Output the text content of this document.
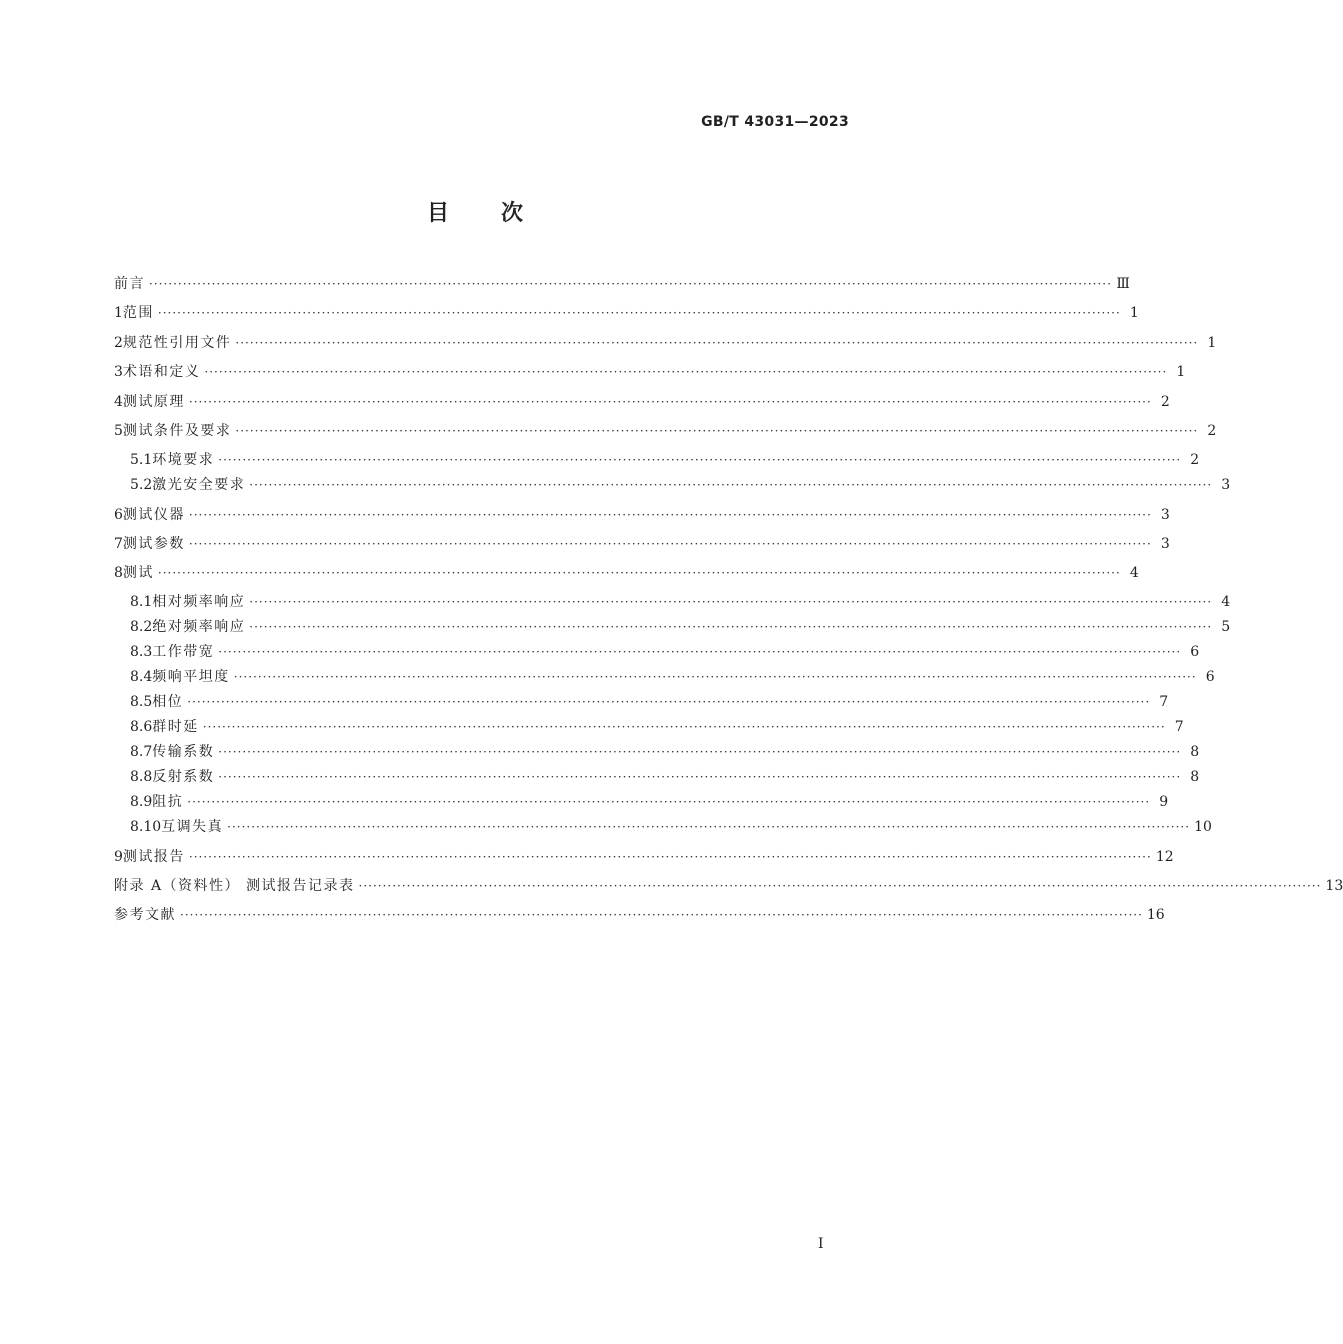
GB/T 43031—2023
目次
前言 ········································································································································································································ Ⅲ
1 范围 ········································································································································································································ 1
2 规范性引用文件 ········································································································································································································ 1
3 术语和定义 ········································································································································································································ 1
4 测试原理 ········································································································································································································ 2
5 测试条件及要求 ········································································································································································································ 2
5.1 环境要求 ········································································································································································································ 2
5.2 激光安全要求 ········································································································································································································ 3
6 测试仪器 ········································································································································································································ 3
7 测试参数 ········································································································································································································ 3
8 测试 ········································································································································································································ 4
8.1 相对频率响应 ········································································································································································································ 4
8.2 绝对频率响应 ········································································································································································································ 5
8.3 工作带宽 ········································································································································································································ 6
8.4 频响平坦度 ········································································································································································································ 6
8.5 相位 ········································································································································································································ 7
8.6 群时延 ········································································································································································································ 7
8.7 传输系数 ········································································································································································································ 8
8.8 反射系数 ········································································································································································································ 8
8.9 阻抗 ········································································································································································································ 9
8.10 互调失真 ········································································································································································································ 10
9 测试报告 ········································································································································································································ 12
附录 A（资料性） 测试报告记录表 ········································································································································································································ 13
参考文献 ········································································································································································································ 16
Ⅰ
